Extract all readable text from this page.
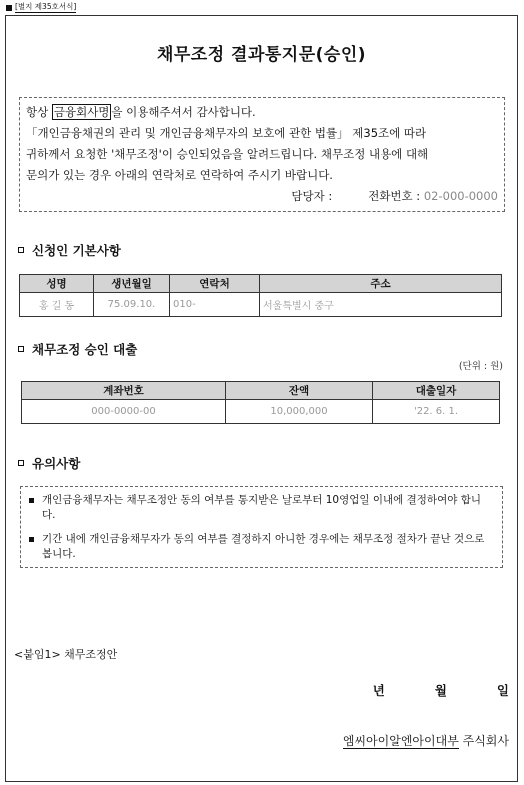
[별지 제35호서식]
채무조정 결과통지문(승인)
항상 금융회사명 을 이용해주셔서 감사합니다.
「개인금융채권의 관리 및 개인금융채무자의 보호에 관한 법률」 제35조에 따라
귀하께서 요청한 '채무조정'이 승인되었음을 알려드립니다. 채무조정 내용에 대해
문의가 있는 경우 아래의 연락처로 연락하여 주시기 바랍니다.
담당자 :	전화번호 : 02-000-0000
신청인 기본사항
성명	생년월일	연락처	주소
홍 길 동	75.09.10.	010-	서울특별시 중구
채무조정 승인 대출
(단위 : 원)
계좌번호	잔액	대출일자
000-0000-00	10,000,000	'22. 6. 1.
유의사항
개인금융채무자는 채무조정안 동의 여부를 통지받은 날로부터 10영업일 이내에 결정하여야 합니다.
기간 내에 개인금융채무자가 동의 여부를 결정하지 아니한 경우에는 채무조정 절차가 끝난 것으로 봅니다.
<붙임1> 채무조정안
년	월	일
엠씨아이알엔아이대부 주식회사
